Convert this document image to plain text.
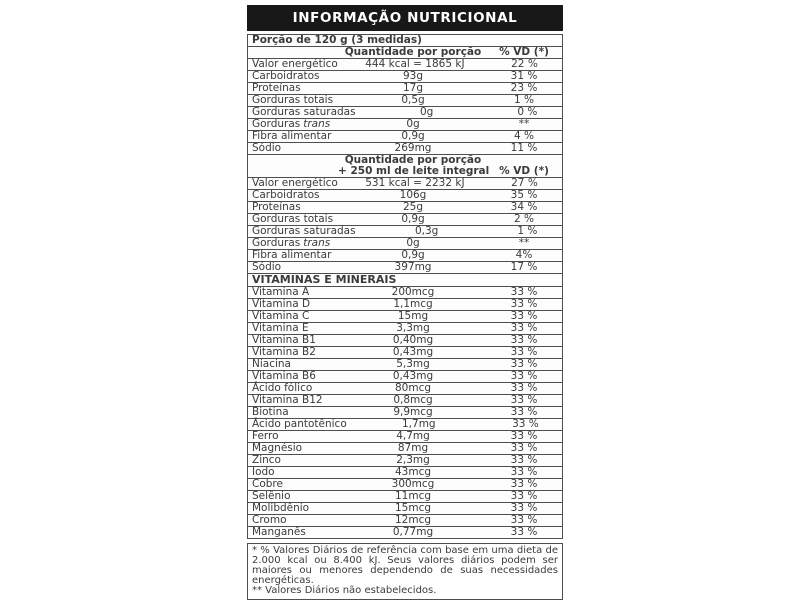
INFORMAÇÃO NUTRICIONAL
Porção de 120 g (3 medidas)
Quantidade por porção	% VD (*)
Valor energético	444 kcal = 1865 kJ	22 %
Carboidratos	93g	31 %
Proteínas	17g	23 %
Gorduras totais	0,5g	1 %
Gorduras saturadas	0g	0 %
Gorduras trans	0g	**
Fibra alimentar	0,9g	4 %
Sódio	269mg	11 %
Quantidade por porção
+ 250 ml de leite integral % VD (*)
Valor energético	531 kcal = 2232 kJ	27 %
Carboidratos	106g	35 %
Proteínas	25g	34 %
Gorduras totais	0,9g	2 %
Gorduras saturadas	0,3g	1 %
Gorduras trans	0g	**
Fibra alimentar	0,9g	4%
Sódio	397mg	17 %
VITAMINAS E MINERAIS
Vitamina A	200mcg	33 %
Vitamina D	1,1mcg	33 %
Vitamina C	15mg	33 %
Vitamina E	3,3mg	33 %
Vitamina B1	0,40mg	33 %
Vitamina B2	0,43mg	33 %
Niacina	5,3mg	33 %
Vitamina B6	0,43mg	33 %
Ácido fólico	80mcg	33 %
Vitamina B12	0,8mcg	33 %
Biotina	9,9mcg	33 %
Ácido pantotênico	1,7mg	33 %
Ferro	4,7mg	33 %
Magnésio	87mg	33 %
Zinco	2,3mg	33 %
Iodo	43mcg	33 %
Cobre	300mcg	33 %
Selênio	11mcg	33 %
Molibdênio	15mcg	33 %
Cromo	12mcg	33 %
Manganês	0,77mg	33 %
* % Valores Diários de referência com base em uma dieta de 2.000 kcal ou 8.400 kJ. Seus valores diários podem ser maiores ou menores dependendo de suas necessidades energéticas.
** Valores Diários não estabelecidos.
